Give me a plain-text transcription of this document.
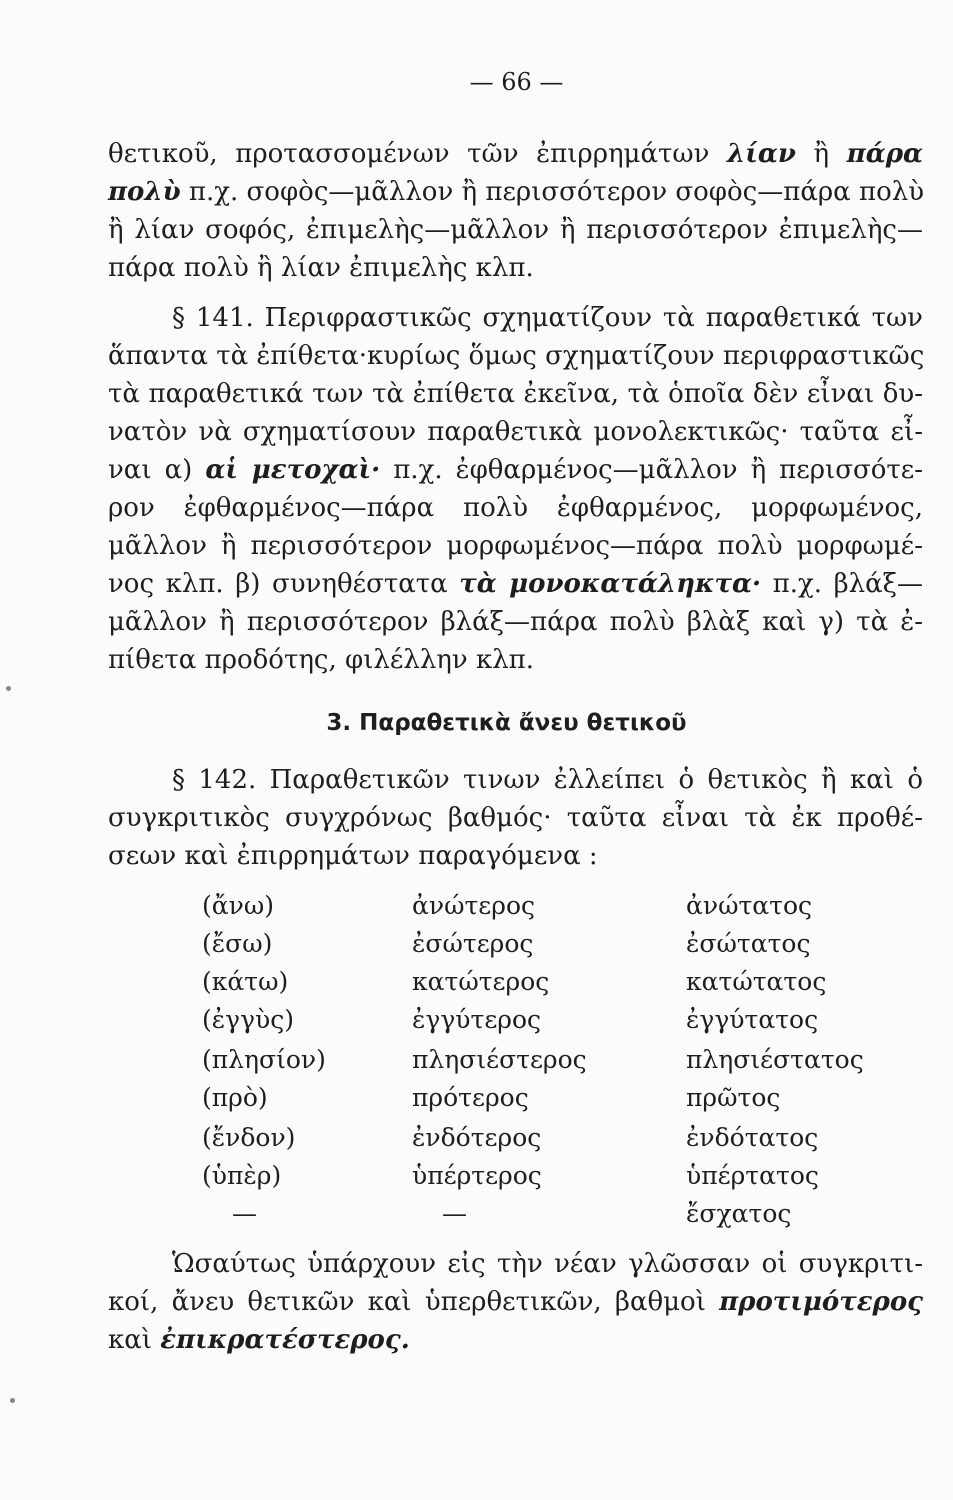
— 66 —
θετικοῦ, προτασσομένων τῶν ἐπιρρημάτων λίαν ἢ πάρα
πολὺ π.χ. σοφὸς—μᾶλλον ἢ περισσότερον σοφὸς—πάρα πολὺ
ἢ λίαν σοφός, ἐπιμελὴς—μᾶλλον ἢ περισσότερον ἐπιμελὴς—
πάρα πολὺ ἢ λίαν ἐπιμελὴς κλπ.
§ 141. Περιφραστικῶς σχηματίζουν τὰ παραθετικά των
ἅπαντα τὰ ἐπίθετα·κυρίως ὅμως σχηματίζουν περιφραστικῶς
τὰ παραθετικά των τὰ ἐπίθετα ἐκεῖνα, τὰ ὁποῖα δὲν εἶναι δυ-
νατὸν νὰ σχηματίσουν παραθετικὰ μονολεκτικῶς· ταῦτα εἶ-
ναι α) αἱ μετοχαὶ· π.χ. ἐφθαρμένος—μᾶλλον ἢ περισσότε-
ρον ἐφθαρμένος—πάρα πολὺ ἐφθαρμένος, μορφωμένος,
μᾶλλον ἢ περισσότερον μορφωμένος—πάρα πολὺ μορφωμέ-
νος κλπ. β) συνηθέστατα τὰ μονοκατάληκτα· π.χ. βλάξ—
μᾶλλον ἢ περισσότερον βλάξ—πάρα πολὺ βλὰξ καὶ γ) τὰ ἐ-
πίθετα προδότης, φιλέλλην κλπ.
3. Παραθετικὰ ἄνευ θετικοῦ
§ 142. Παραθετικῶν τινων ἐλλείπει ὁ θετικὸς ἢ καὶ ὁ
συγκριτικὸς συγχρόνως βαθμός· ταῦτα εἶναι τὰ ἐκ προθέ-
σεων καὶ ἐπιρρημάτων παραγόμενα :
(ἄνω)	ἀνώτερος	ἀνώτατος
(ἔσω)	ἐσώτερος	ἐσώτατος
(κάτω)	κατώτερος	κατώτατος
(ἐγγὺς)	ἐγγύτερος	ἐγγύτατος
(πλησίον)	πλησιέστερος	πλησιέστατος
(πρὸ)	πρότερος	πρῶτος
(ἔνδον)	ἐνδότερος	ἐνδότατος
(ὑπὲρ)	ὑπέρτερος	ὑπέρτατος
—	—	ἔσχατος
Ὡσαύτως ὑπάρχουν εἰς τὴν νέαν γλῶσσαν οἱ συγκριτι-
κοί, ἄνευ θετικῶν καὶ ὑπερθετικῶν, βαθμοὶ προτιμότερος
καὶ ἐπικρατέστερος.
